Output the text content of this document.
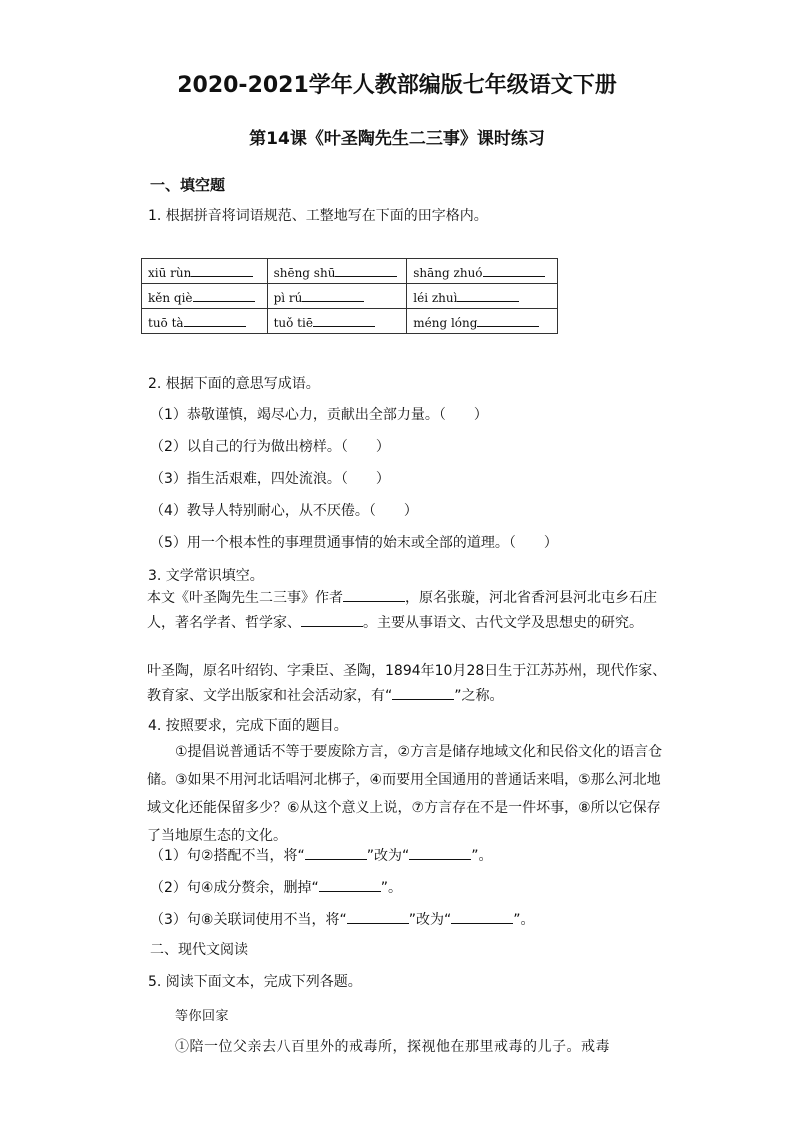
2020-2021学年人教部编版七年级语文下册
第14课《叶圣陶先生二三事》课时练习
一、填空题
1. 根据拼音将词语规范、工整地写在下面的田字格内。
xiū rùn	shēng shū	shāng zhuó
kěn qiè	pì rú	léi zhuì
tuō tà	tuǒ tiē	méng lóng
2. 根据下面的意思写成语。
（1）恭敬谨慎，竭尽心力，贡献出全部力量。（　　）
（2）以自己的行为做出榜样。（　　）
（3）指生活艰难，四处流浪。（　　）
（4）教导人特别耐心，从不厌倦。（　　）
（5）用一个根本性的事理贯通事情的始末或全部的道理。（　　）
3. 文学常识填空。
本文《叶圣陶先生二三事》作者	，原名张璇，河北省香河县河北屯乡石庄人，著名学者、哲学家、	。主要从事语文、古代文学及思想史的研究。
叶圣陶，原名叶绍钧、字秉臣、圣陶，1894年10月28日生于江苏苏州，现代作家、教育家、文学出版家和社会活动家，有“	”之称。
4. 按照要求，完成下面的题目。
①提倡说普通话不等于要废除方言，②方言是储存地域文化和民俗文化的语言仓储。③如果不用河北话唱河北梆子，④而要用全国通用的普通话来唱，⑤那么河北地域文化还能保留多少？⑥从这个意义上说，⑦方言存在不是一件坏事，⑧所以它保存了当地原生态的文化。
（1）句②搭配不当，将“	”改为“	”。
（2）句④成分赘余，删掉“	”。
（3）句⑧关联词使用不当，将“	”改为“	”。
二、现代文阅读
5. 阅读下面文本，完成下列各题。
等你回家
①陪一位父亲去八百里外的戒毒所，探视他在那里戒毒的儿子。戒毒
